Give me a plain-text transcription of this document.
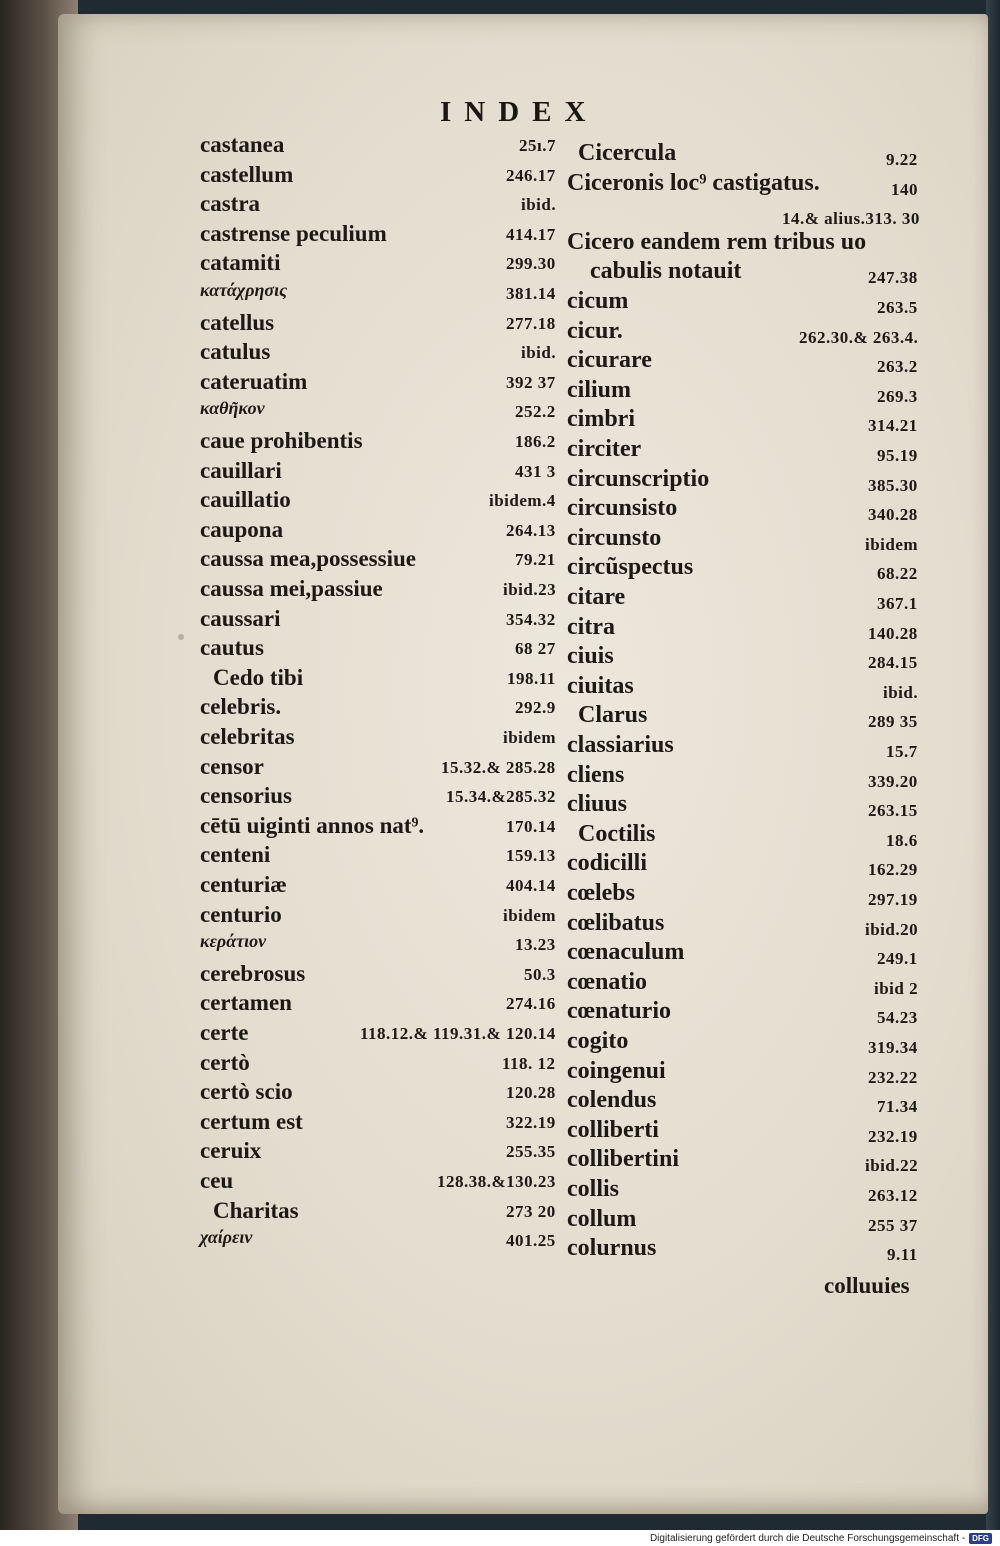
INDEX
castanea	25ı.7
castellum	246.17
castra	ibid.
castrense peculium	414.17
catamiti	299.30
κατάχρησις	381.14
catellus	277.18
catulus	ibid.
cateruatim	392 37
καθῆκον	252.2
caue prohibentis	186.2
cauillari	431 3
cauillatio	ibidem.4
caupona	264.13
caussa mea,possessiue	79.21
caussa mei,passiue	ibid.23
caussari	354.32
cautus	68 27
Cedo tibi	198.11
celebris.	292.9
celebritas	ibidem
censor	15.32.& 285.28
censorius	15.34.&285.32
cētū uiginti annos nat⁹.	170.14
centeni	159.13
centuriæ	404.14
centurio	ibidem
κεράτιον	13.23
cerebrosus	50.3
certamen	274.16
certe	118.12.& 119.31.& 120.14
certò	118. 12
certò scio	120.28
certum est	322.19
ceruix	255.35
ceu	128.38.&130.23
Charitas	273 20
χαίρειν	401.25
Cicercula	9.22
Ciceronis loc⁹ castigatus.	140
14.& alius.313. 30
Cicero eandem rem tribus uo
cabulis notauit	247.38
cicum	263.5
cicur.	262.30.& 263.4.
cicurare	263.2
cilium	269.3
cimbri	314.21
circiter	95.19
circunscriptio	385.30
circunsisto	340.28
circunsto	ibidem
circũspectus	68.22
citare	367.1
citra	140.28
ciuis	284.15
ciuitas	ibid.
Clarus	289 35
classiarius	15.7
cliens	339.20
cliuus	263.15
Coctilis	18.6
codicilli	162.29
cœlebs	297.19
cœlibatus	ibid.20
cœnaculum	249.1
cœnatio	ibid 2
cœnaturio	54.23
cogito	319.34
coingenui	232.22
colendus	71.34
colliberti	232.19
collibertini	ibid.22
collis	263.12
collum	255 37
colurnus	9.11
colluuies
Digitalisierung gefördert durch die Deutsche Forschungsgemeinschaft - DFG
